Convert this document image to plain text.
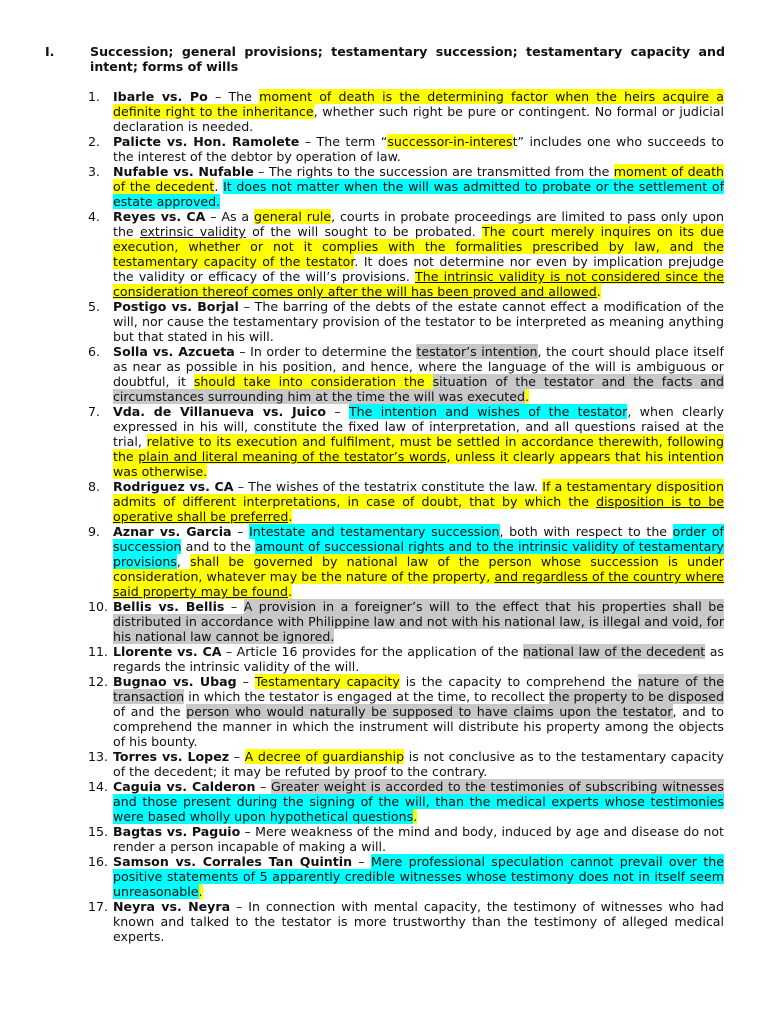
I.	Succession; general provisions; testamentary succession; testamentary capacity and intent; forms of wills
1. Ibarle vs. Po – The moment of death is the determining factor when the heirs acquire a definite right to the inheritance, whether such right be pure or contingent. No formal or judicial declaration is needed.
2. Palicte vs. Hon. Ramolete – The term “successor-in-interest” includes one who succeeds to the interest of the debtor by operation of law.
3. Nufable vs. Nufable – The rights to the succession are transmitted from the moment of death of the decedent. It does not matter when the will was admitted to probate or the settlement of estate approved.
4. Reyes vs. CA – As a general rule, courts in probate proceedings are limited to pass only upon the extrinsic validity of the will sought to be probated. The court merely inquires on its due execution, whether or not it complies with the formalities prescribed by law, and the testamentary capacity of the testator. It does not determine nor even by implication prejudge the validity or efficacy of the will’s provisions. The intrinsic validity is not considered since the consideration thereof comes only after the will has been proved and allowed.
5. Postigo vs. Borjal – The barring of the debts of the estate cannot effect a modification of the will, nor cause the testamentary provision of the testator to be interpreted as meaning anything but that stated in his will.
6. Solla vs. Azcueta – In order to determine the testator’s intention, the court should place itself as near as possible in his position, and hence, where the language of the will is ambiguous or doubtful, it should take into consideration the situation of the testator and the facts and circumstances surrounding him at the time the will was executed.
7. Vda. de Villanueva vs. Juico – The intention and wishes of the testator, when clearly expressed in his will, constitute the fixed law of interpretation, and all questions raised at the trial, relative to its execution and fulfilment, must be settled in accordance therewith, following the plain and literal meaning of the testator’s words, unless it clearly appears that his intention was otherwise.
8. Rodriguez vs. CA – The wishes of the testatrix constitute the law. If a testamentary disposition admits of different interpretations, in case of doubt, that by which the disposition is to be operative shall be preferred.
9. Aznar vs. Garcia – Intestate and testamentary succession, both with respect to the order of succession and to the amount of successional rights and to the intrinsic validity of testamentary provisions, shall be governed by national law of the person whose succession is under consideration, whatever may be the nature of the property, and regardless of the country where said property may be found.
10. Bellis vs. Bellis – A provision in a foreigner’s will to the effect that his properties shall be distributed in accordance with Philippine law and not with his national law, is illegal and void, for his national law cannot be ignored.
11. Llorente vs. CA – Article 16 provides for the application of the national law of the decedent as regards the intrinsic validity of the will.
12. Bugnao vs. Ubag – Testamentary capacity is the capacity to comprehend the nature of the transaction in which the testator is engaged at the time, to recollect the property to be disposed of and the person who would naturally be supposed to have claims upon the testator, and to comprehend the manner in which the instrument will distribute his property among the objects of his bounty.
13. Torres vs. Lopez – A decree of guardianship is not conclusive as to the testamentary capacity of the decedent; it may be refuted by proof to the contrary.
14. Caguia vs. Calderon – Greater weight is accorded to the testimonies of subscribing witnesses and those present during the signing of the will, than the medical experts whose testimonies were based wholly upon hypothetical questions.
15. Bagtas vs. Paguio – Mere weakness of the mind and body, induced by age and disease do not render a person incapable of making a will.
16. Samson vs. Corrales Tan Quintin – Mere professional speculation cannot prevail over the positive statements of 5 apparently credible witnesses whose testimony does not in itself seem unreasonable.
17. Neyra vs. Neyra – In connection with mental capacity, the testimony of witnesses who had known and talked to the testator is more trustworthy than the testimony of alleged medical experts.
